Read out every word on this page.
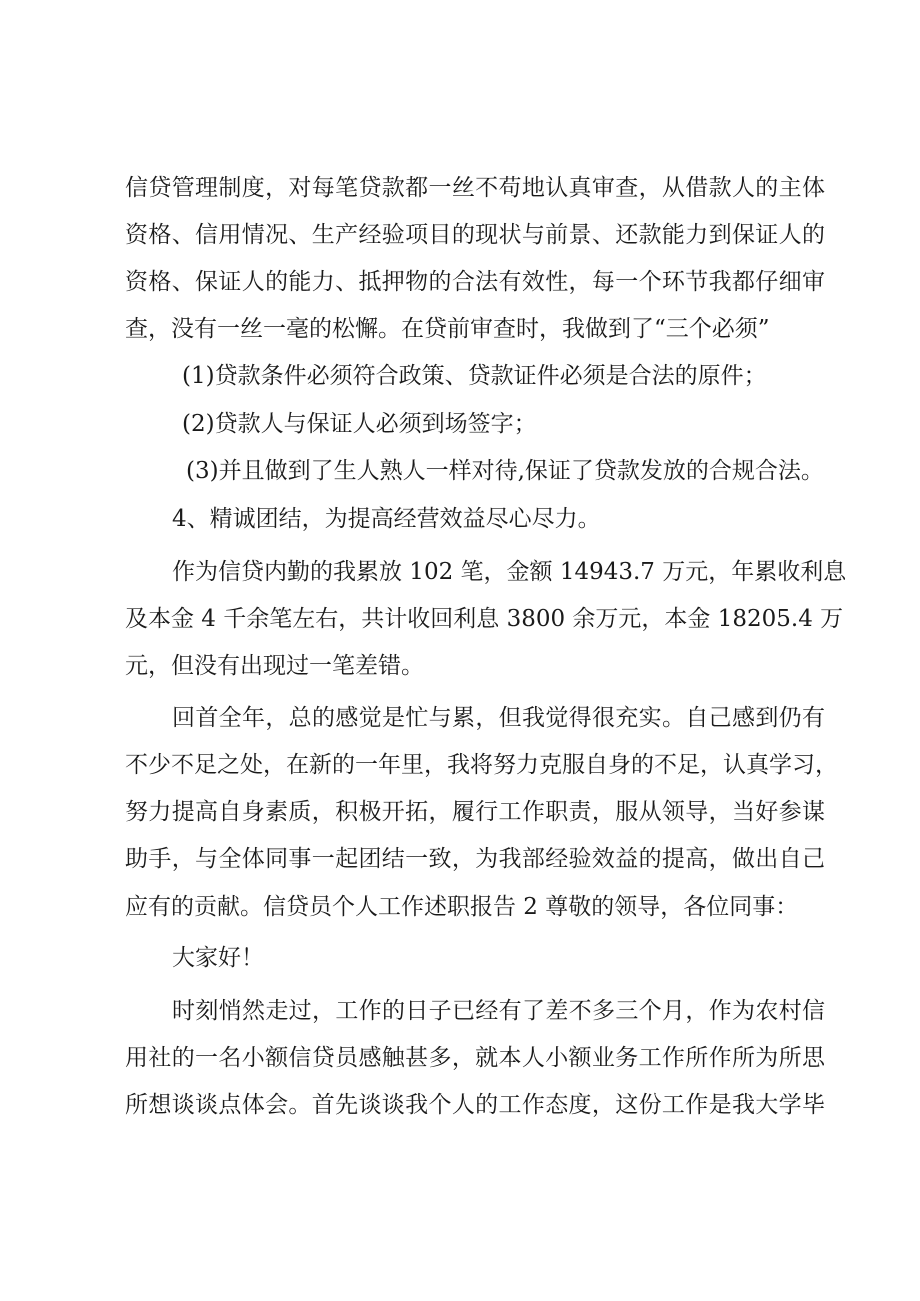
信贷管理制度，对每笔贷款都一丝不苟地认真审查，从借款人的主体
资格、信用情况、生产经验项目的现状与前景、还款能力到保证人的
资格、保证人的能力、抵押物的合法有效性，每一个环节我都仔细审
查，没有一丝一毫的松懈。在贷前审查时，我做到了“三个必须”
(1)贷款条件必须符合政策、贷款证件必须是合法的原件；
(2)贷款人与保证人必须到场签字；
(3)并且做到了生人熟人一样对待,保证了贷款发放的合规合法。
4、精诚团结，为提高经营效益尽心尽力。
作为信贷内勤的我累放 102 笔，金额 14943.7 万元，年累收利息
及本金 4 千余笔左右，共计收回利息 3800 余万元，本金 18205.4 万
元，但没有出现过一笔差错。
回首全年，总的感觉是忙与累，但我觉得很充实。自己感到仍有
不少不足之处，在新的一年里，我将努力克服自身的不足，认真学习，
努力提高自身素质，积极开拓，履行工作职责，服从领导，当好参谋
助手，与全体同事一起团结一致，为我部经验效益的提高，做出自己
应有的贡献。信贷员个人工作述职报告 2 尊敬的领导，各位同事：
大家好！
时刻悄然走过，工作的日子已经有了差不多三个月，作为农村信
用社的一名小额信贷员感触甚多，就本人小额业务工作所作所为所思
所想谈谈点体会。首先谈谈我个人的工作态度，这份工作是我大学毕
